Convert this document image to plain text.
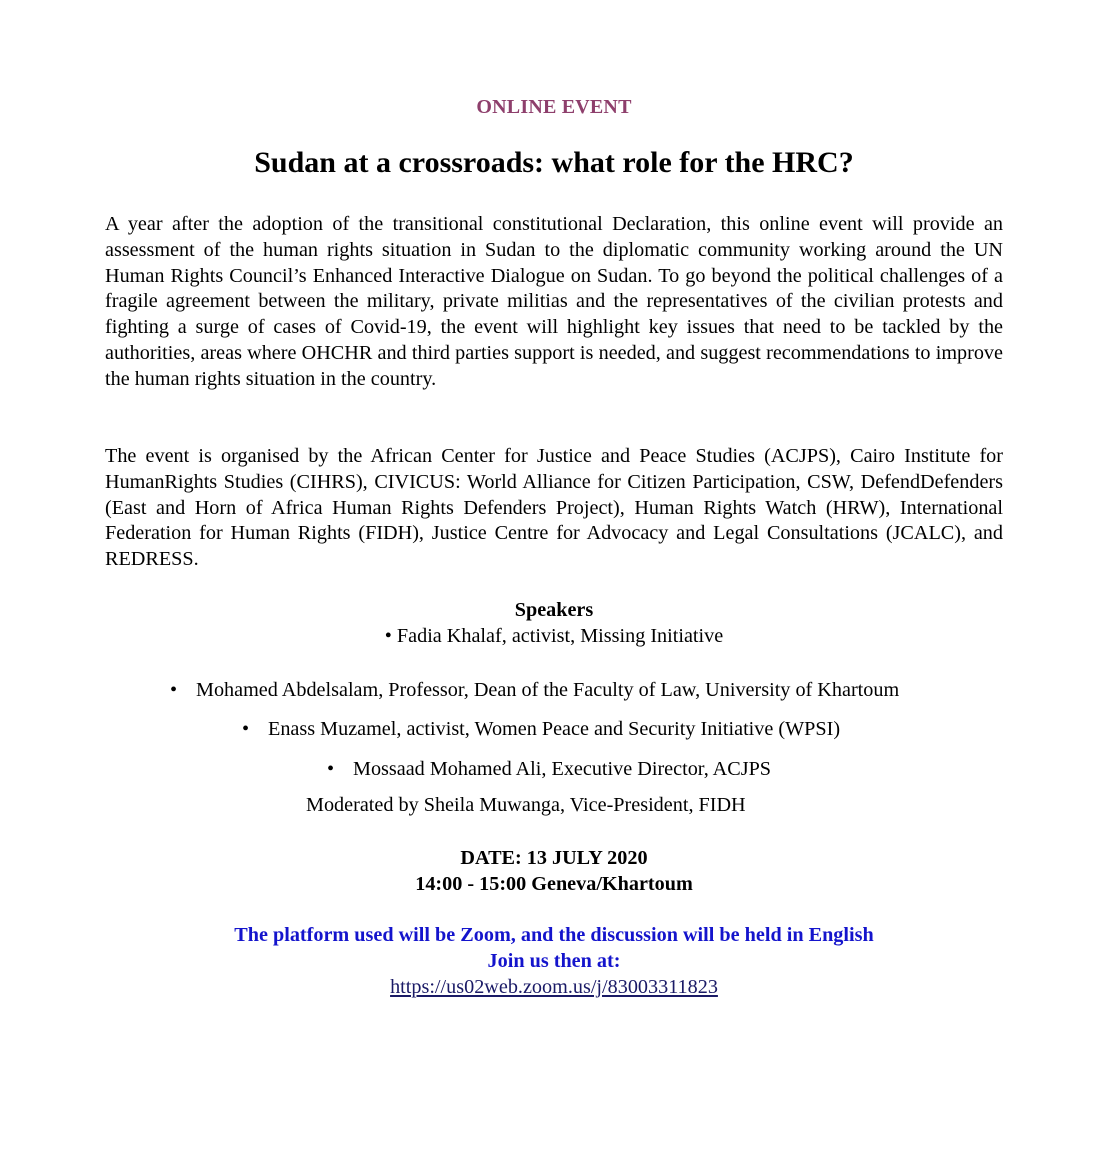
ONLINE EVENT
Sudan at a crossroads: what role for the HRC?

A year after the adoption of the transitional constitutional Declaration, this online event will provide an assessment of the human rights situation in Sudan to the diplomatic community working around the UN Human Rights Council’s Enhanced Interactive Dialogue on Sudan. To go beyond the political challenges of a fragile agreement between the military, private militias and the representatives of the civilian protests and fighting a surge of cases of Covid-19, the event will highlight key issues that need to be tackled by the authorities, areas where OHCHR and third parties support is needed, and suggest recommendations to improve the human rights situation in the country.

The event is organised by the African Center for Justice and Peace Studies (ACJPS), Cairo Institute for HumanRights Studies (CIHRS), CIVICUS: World Alliance for Citizen Participation, CSW, DefendDefenders (East and Horn of Africa Human Rights Defenders Project), Human Rights Watch (HRW), International Federation for Human Rights (FIDH), Justice Centre for Advocacy and Legal Consultations (JCALC), and REDRESS.

Speakers
• Fadia Khalaf, activist, Missing Initiative
• Mohamed Abdelsalam, Professor, Dean of the Faculty of Law, University of Khartoum
• Enass Muzamel, activist, Women Peace and Security Initiative (WPSI)
• Mossaad Mohamed Ali, Executive Director, ACJPS
Moderated by Sheila Muwanga, Vice-President, FIDH
DATE: 13 JULY 2020
14:00 - 15:00 Geneva/Khartoum
The platform used will be Zoom, and the discussion will be held in English
Join us then at:
https://us02web.zoom.us/j/83003311823
